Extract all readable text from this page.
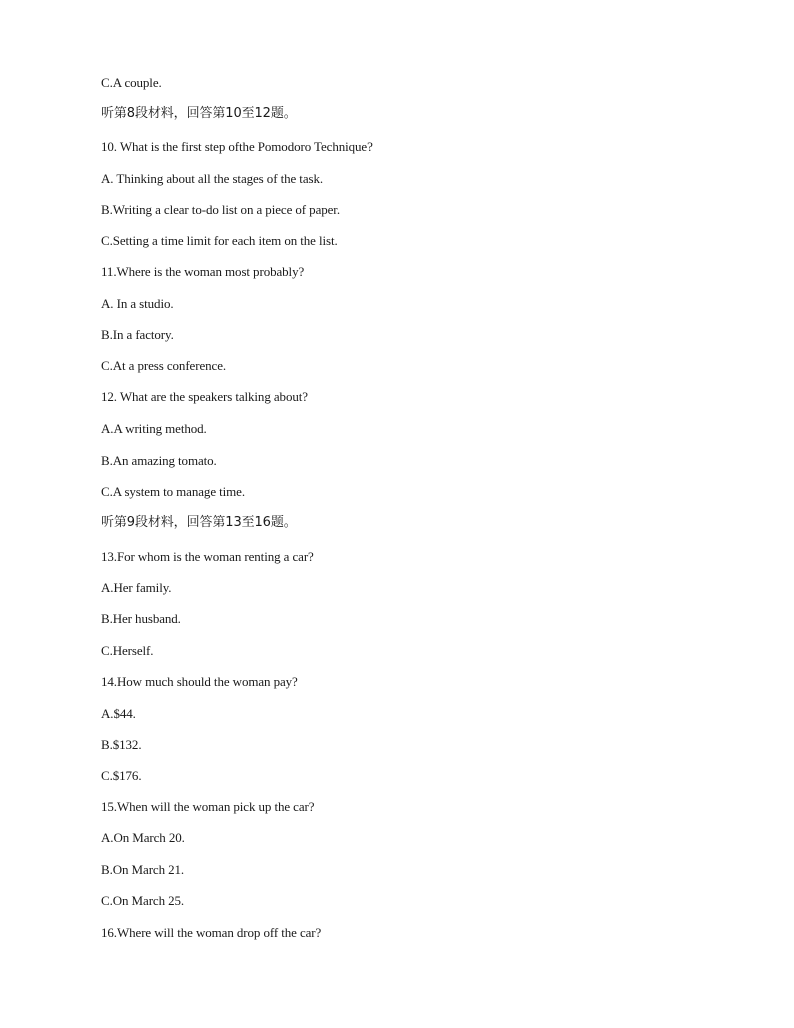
C.A couple.
听第8段材料，回答第10至12题。
10. What is the first step ofthe Pomodoro Technique?
A. Thinking about all the stages of the task.
B.Writing a clear to-do list on a piece of paper.
C.Setting a time limit for each item on the list.
11.Where is the woman most probably?
A. In a studio.
B.In a factory.
C.At a press conference.
12. What are the speakers talking about?
A.A writing method.
B.An amazing tomato.
C.A system to manage time.
听第9段材料，回答第13至16题。
13.For whom is the woman renting a car?
A.Her family.
B.Her husband.
C.Herself.
14.How much should the woman pay?
A.$44.
B.$132.
C.$176.
15.When will the woman pick up the car?
A.On March 20.
B.On March 21.
C.On March 25.
16.Where will the woman drop off the car?
